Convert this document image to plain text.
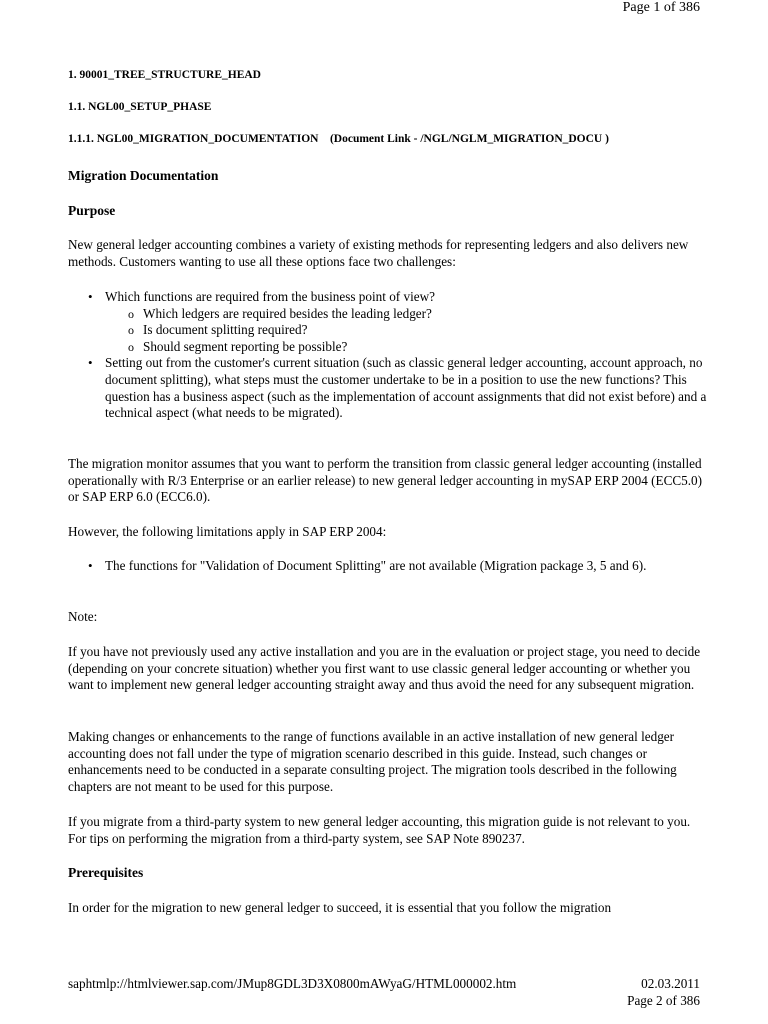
Page 1 of 386
1. 90001_TREE_STRUCTURE_HEAD
1.1. NGL00_SETUP_PHASE
1.1.1. NGL00_MIGRATION_DOCUMENTATION (Document Link - /NGL/NGLM_MIGRATION_DOCU )
Migration Documentation
Purpose
New general ledger accounting combines a variety of existing methods for representing ledgers and also delivers new methods. Customers wanting to use all these options face two challenges:
• Which functions are required from the business point of view?
o Which ledgers are required besides the leading ledger?
o Is document splitting required?
o Should segment reporting be possible?
• Setting out from the customer's current situation (such as classic general ledger accounting, account approach, no document splitting), what steps must the customer undertake to be in a position to use the new functions? This question has a business aspect (such as the implementation of account assignments that did not exist before) and a technical aspect (what needs to be migrated).
The migration monitor assumes that you want to perform the transition from classic general ledger accounting (installed operationally with R/3 Enterprise or an earlier release) to new general ledger accounting in mySAP ERP 2004 (ECC5.0) or SAP ERP 6.0 (ECC6.0).
However, the following limitations apply in SAP ERP 2004:
• The functions for "Validation of Document Splitting" are not available (Migration package 3, 5 and 6).
Note:
If you have not previously used any active installation and you are in the evaluation or project stage, you need to decide (depending on your concrete situation) whether you first want to use classic general ledger accounting or whether you want to implement new general ledger accounting straight away and thus avoid the need for any subsequent migration.
Making changes or enhancements to the range of functions available in an active installation of new general ledger accounting does not fall under the type of migration scenario described in this guide. Instead, such changes or enhancements need to be conducted in a separate consulting project. The migration tools described in the following chapters are not meant to be used for this purpose.
If you migrate from a third-party system to new general ledger accounting, this migration guide is not relevant to you. For tips on performing the migration from a third-party system, see SAP Note 890237.
Prerequisites
In order for the migration to new general ledger to succeed, it is essential that you follow the migration
saphtmlp://htmlviewer.sap.com/JMup8GDL3D3X0800mAWyaG/HTML000002.htm	02.03.2011
Page 2 of 386
